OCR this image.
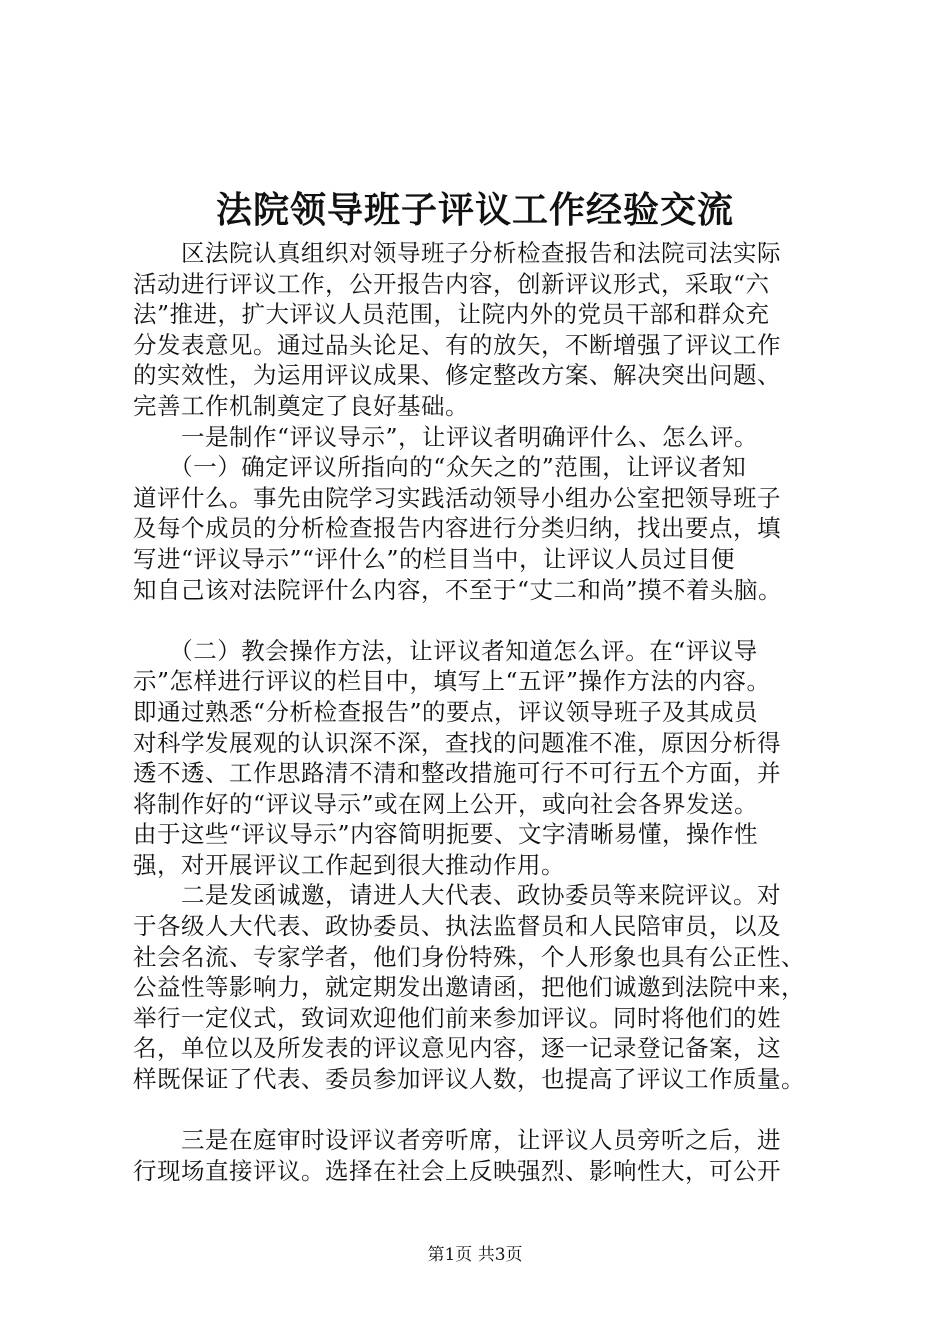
法院领导班子评议工作经验交流
　　区法院认真组织对领导班子分析检查报告和法院司法实际
活动进行评议工作，公开报告内容，创新评议形式，采取“六
法”推进，扩大评议人员范围，让院内外的党员干部和群众充
分发表意见。通过品头论足、有的放矢，不断增强了评议工作
的实效性，为运用评议成果、修定整改方案、解决突出问题、
完善工作机制奠定了良好基础。
　　一是制作“评议导示”，让评议者明确评什么、怎么评。
　　（一）确定评议所指向的“众矢之的”范围，让评议者知
道评什么。事先由院学习实践活动领导小组办公室把领导班子
及每个成员的分析检查报告内容进行分类归纳，找出要点，填
写进“评议导示”“评什么”的栏目当中，让评议人员过目便
知自己该对法院评什么内容，不至于“丈二和尚”摸不着头脑。
　　（二）教会操作方法，让评议者知道怎么评。在“评议导
示”怎样进行评议的栏目中，填写上“五评”操作方法的内容。
即通过熟悉“分析检查报告”的要点，评议领导班子及其成员
对科学发展观的认识深不深，查找的问题准不准，原因分析得
透不透、工作思路清不清和整改措施可行不可行五个方面，并
将制作好的“评议导示”或在网上公开，或向社会各界发送。
由于这些“评议导示”内容简明扼要、文字清晰易懂，操作性
强，对开展评议工作起到很大推动作用。
　　二是发函诚邀，请进人大代表、政协委员等来院评议。对
于各级人大代表、政协委员、执法监督员和人民陪审员，以及
社会名流、专家学者，他们身份特殊，个人形象也具有公正性、
公益性等影响力，就定期发出邀请函，把他们诚邀到法院中来，
举行一定仪式，致词欢迎他们前来参加评议。同时将他们的姓
名，单位以及所发表的评议意见内容，逐一记录登记备案，这
样既保证了代表、委员参加评议人数，也提高了评议工作质量。
　　三是在庭审时设评议者旁听席，让评议人员旁听之后，进
行现场直接评议。选择在社会上反映强烈、影响性大，可公开
第1页 共3页
